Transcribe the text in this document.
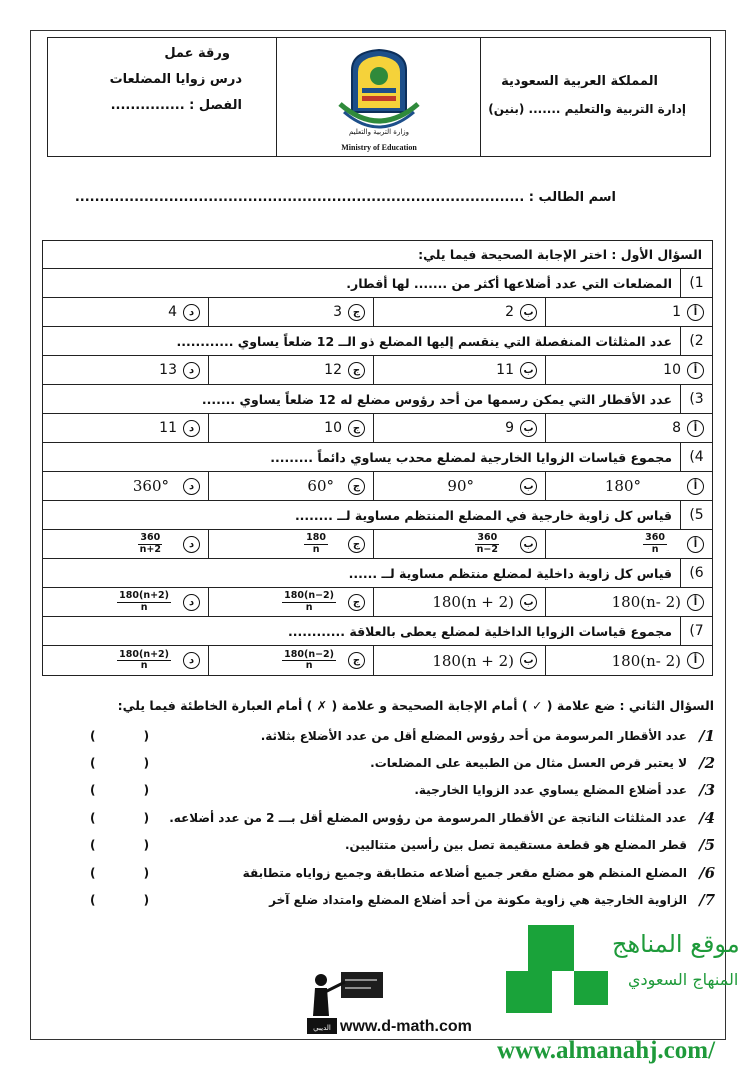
المملكة العربية السعودية
إدارة التربية والتعليم ....... (بنين)
ورقة عمل
درس زوايا المضلعات
الفصل : ...............
وزارة التربية والتعليم
Ministry of Education
اسم الطالب : ...........................................................................................
السؤال الأول : اختر الإجابة الصحيحة فيما يلي:
1)
المضلعات التي عدد أضلاعها أكثر من ....... لها أقطار.
أ
1
ب
2
ج
3
د
4
2)
عدد المثلثات المنفصلة التي ينقسم إليها المضلع ذو الــ 12 ضلعاً يساوي ............
أ
10
ب
11
ج
12
د
13
3)
عدد الأقطار التي يمكن رسمها من أحد رؤوس مضلع له 12 ضلعاً يساوي .......
أ
8
ب
9
ج
10
د
11
4)
مجموع قياسات الزوايا الخارجية لمضلع محدب يساوي دائماً .........
أ
180°
ب
90°
ج
60°
د
360°
5)
قياس كل زاوية خارجية في المضلع المنتظم مساوية لــ ........
أ
$\frac{360}{n}$
ب
$\frac{360}{n-2}$
ج
$\frac{180}{n}$
د
$\frac{360}{n+2}$
6)
قياس كل زاوية داخلية لمضلع منتظم مساوية لــ ......
أ
180(n- 2)
ب
180(n + 2)
ج
$\frac{180(n-2)}{n}$
د
$\frac{180(n+2)}{n}$
7)
مجموع قياسات الزوايا الداخلية لمضلع يعطى بالعلاقة ............
أ
180(n- 2)
ب
180(n + 2)
ج
$\frac{180(n-2)}{n}$
د
$\frac{180(n+2)}{n}$
السؤال الثاني : ضع علامة ( ✓ ) أمام الإجابة الصحيحة و علامة ( ✗ ) أمام العبارة الخاطئة فيما يلي:
1/
عدد الأقطار المرسومة من أحد رؤوس المضلع أقل من عدد الأضلاع بثلاثة.
( )
2/
لا يعتبر قرص العسل مثال من الطبيعة على المضلعات.
( )
3/
عدد أضلاع المضلع يساوي عدد الزوايا الخارجية.
( )
4/
عدد المثلثات الناتجة عن الأقطار المرسومة من رؤوس المضلع أقل بـــ 2 من عدد أضلاعه.
( )
5/
قطر المضلع هو قطعة مستقيمة تصل بين رأسين متتاليين.
( )
6/
المضلع المنظم هو مضلع مقعر جميع أضلاعه متطابقة وجميع زواياه متطابقة
( )
7/
الزاوية الخارجية هي زاوية مكونة من أحد أضلاع المضلع وامتداد ضلع آخر
( )
موقع المناهج
المنهاج السعودي
الديبي www.d-math.com
www.almanahj.com/
